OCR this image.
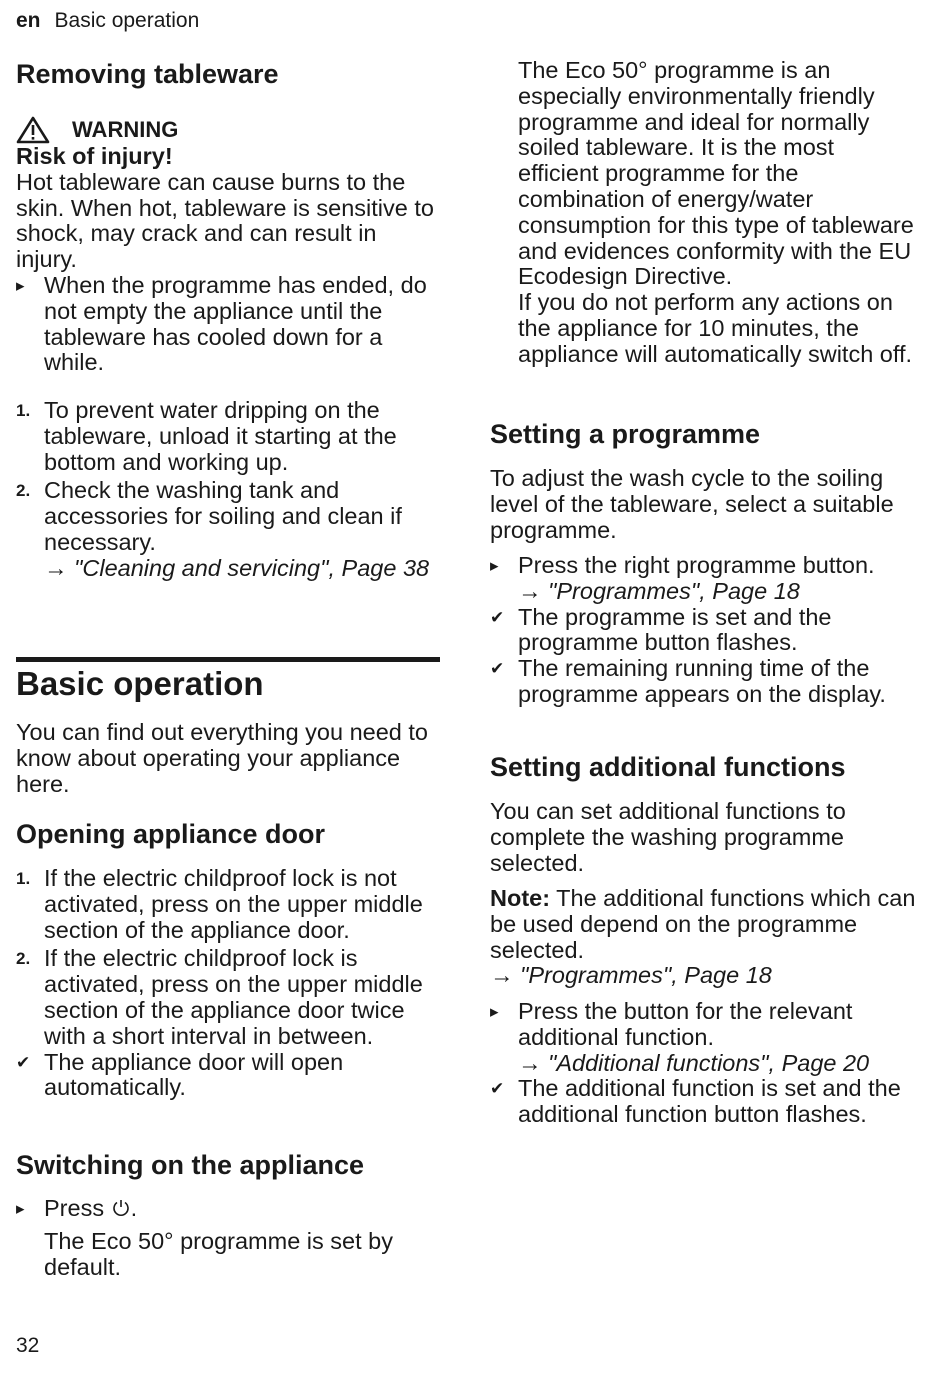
en Basic operation
Removing tableware
WARNING
Risk of injury!
Hot tableware can cause burns to the skin. When hot, tableware is sensitive to shock, may crack and can result in injury.
▸ When the programme has ended, do not empty the appliance until the tableware has cooled down for a while.
1. To prevent water dripping on the tableware, unload it starting at the bottom and working up.
2. Check the washing tank and accessories for soiling and clean if necessary.
→ "Cleaning and servicing", Page 38
Basic operation
You can find out everything you need to know about operating your appliance here.
Opening appliance door
1. If the electric childproof lock is not activated, press on the upper middle section of the appliance door.
2. If the electric childproof lock is activated, press on the upper middle section of the appliance door twice with a short interval in between.
✔ The appliance door will open automatically.
Switching on the appliance
▸ Press .
The Eco 50° programme is set by default.
32
The Eco 50° programme is an especially environmentally friendly programme and ideal for normally soiled tableware. It is the most efficient programme for the combination of energy/water consumption for this type of tableware and evidences conformity with the EU Ecodesign Directive.
If you do not perform any actions on the appliance for 10 minutes, the appliance will automatically switch off.
Setting a programme
To adjust the wash cycle to the soiling level of the tableware, select a suitable programme.
▸ Press the right programme button.
→ "Programmes", Page 18
✔ The programme is set and the programme button flashes.
✔ The remaining running time of the programme appears on the display.
Setting additional functions
You can set additional functions to complete the washing programme selected.
Note: The additional functions which can be used depend on the programme selected.
→ "Programmes", Page 18
▸ Press the button for the relevant additional function.
→ "Additional functions", Page 20
✔ The additional function is set and the additional function button flashes.
